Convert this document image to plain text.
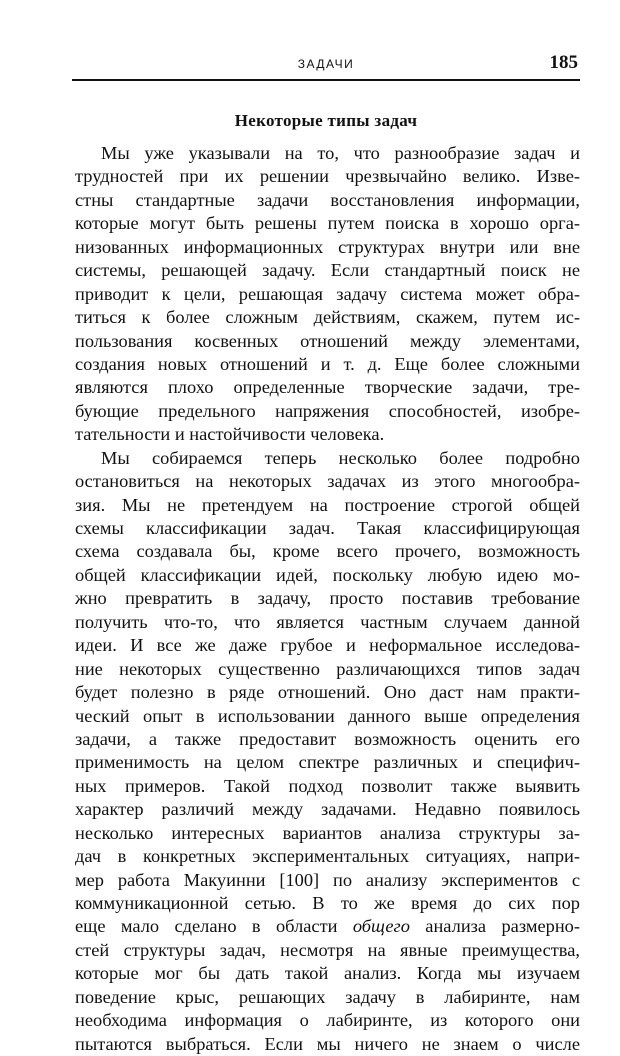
ЗАДАЧИ	185
Некоторые типы задач
Мы уже указывали на то, что разнообразие задач и
трудностей при их решении чрезвычайно велико. Изве-
стны стандартные задачи восстановления информации,
которые могут быть решены путем поиска в хорошо орга-
низованных информационных структурах внутри или вне
системы, решающей задачу. Если стандартный поиск не
приводит к цели, решающая задачу система может обра-
титься к более сложным действиям, скажем, путем ис-
пользования косвенных отношений между элементами,
создания новых отношений и т. д. Еще более сложными
являются плохо определенные творческие задачи, тре-
бующие предельного напряжения способностей, изобре-
тательности и настойчивости человека.
Мы собираемся теперь несколько более подробно
остановиться на некоторых задачах из этого многообра-
зия. Мы не претендуем на построение строгой общей
схемы классификации задач. Такая классифицирующая
схема создавала бы, кроме всего прочего, возможность
общей классификации идей, поскольку любую идею мо-
жно превратить в задачу, просто поставив требование
получить что-то, что является частным случаем данной
идеи. И все же даже грубое и неформальное исследова-
ние некоторых существенно различающихся типов задач
будет полезно в ряде отношений. Оно даст нам практи-
ческий опыт в использовании данного выше определения
задачи, а также предоставит возможность оценить его
применимость на целом спектре различных и специфич-
ных примеров. Такой подход позволит также выявить
характер различий между задачами. Недавно появилось
несколько интересных вариантов анализа структуры за-
дач в конкретных экспериментальных ситуациях, напри-
мер работа Макуинни [100] по анализу экспериментов с
коммуникационной сетью. В то же время до сих пор
еще мало сделано в области общего анализа размерно-
стей структуры задач, несмотря на явные преимущества,
которые мог бы дать такой анализ. Когда мы изучаем
поведение крыс, решающих задачу в лабиринте, нам
необходима информация о лабиринте, из которого они
пытаются выбраться. Если мы ничего не знаем о числе
